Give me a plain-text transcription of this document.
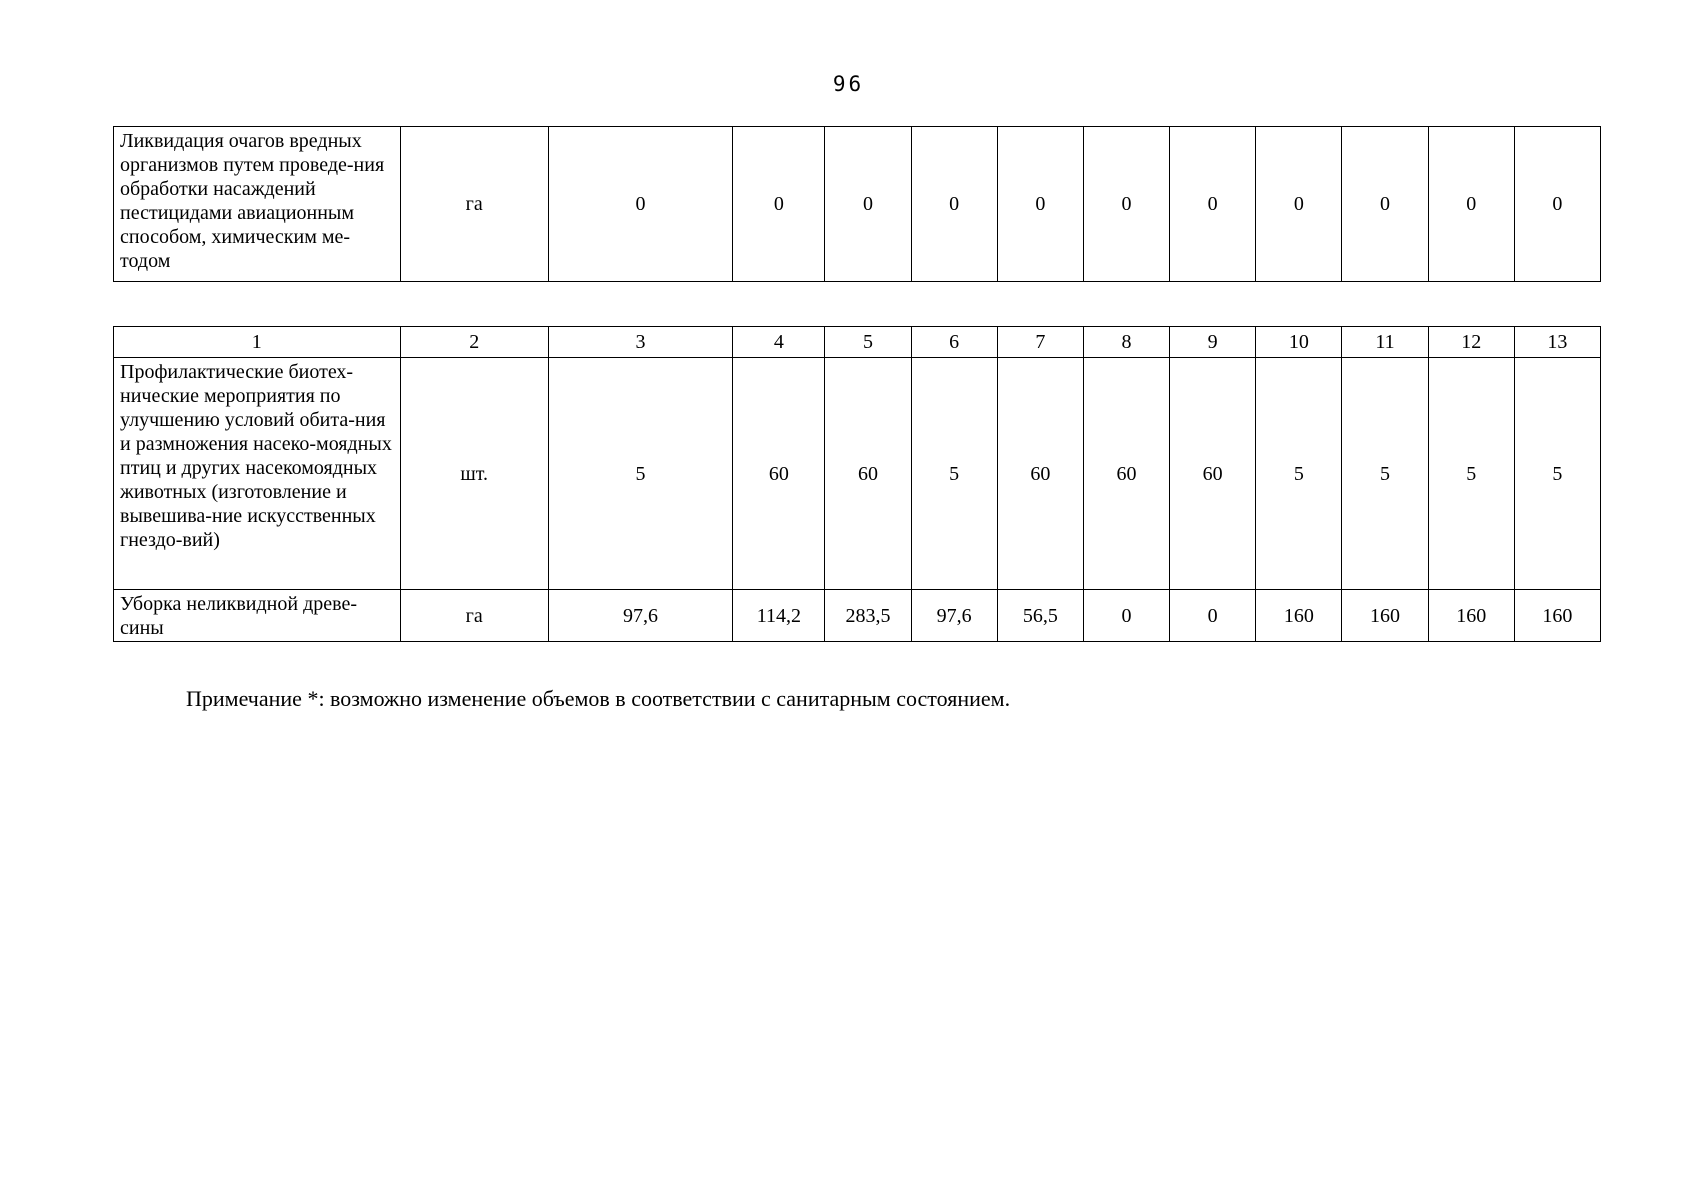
96
Ликвидация очагов вредных организмов путем проведе-ния обработки насаждений пестицидами авиационным способом, химическим ме-тодом	га	0	0	0	0	0	0	0	0	0	0	0
1	2	3	4	5	6	7	8	9	10	11	12	13
Профилактические биотех-нические мероприятия по улучшению условий обита-ния и размножения насеко-моядных птиц и других насекомоядных животных (изготовление и вывешива-ние искусственных гнездо-вий)	шт.	5	60	60	5	60	60	60	5	5	5	5
Уборка неликвидной древе-сины	га	97,6	114,2	283,5	97,6	56,5	0	0	160	160	160	160
Примечание *: возможно изменение объемов в соответствии с санитарным состоянием.
